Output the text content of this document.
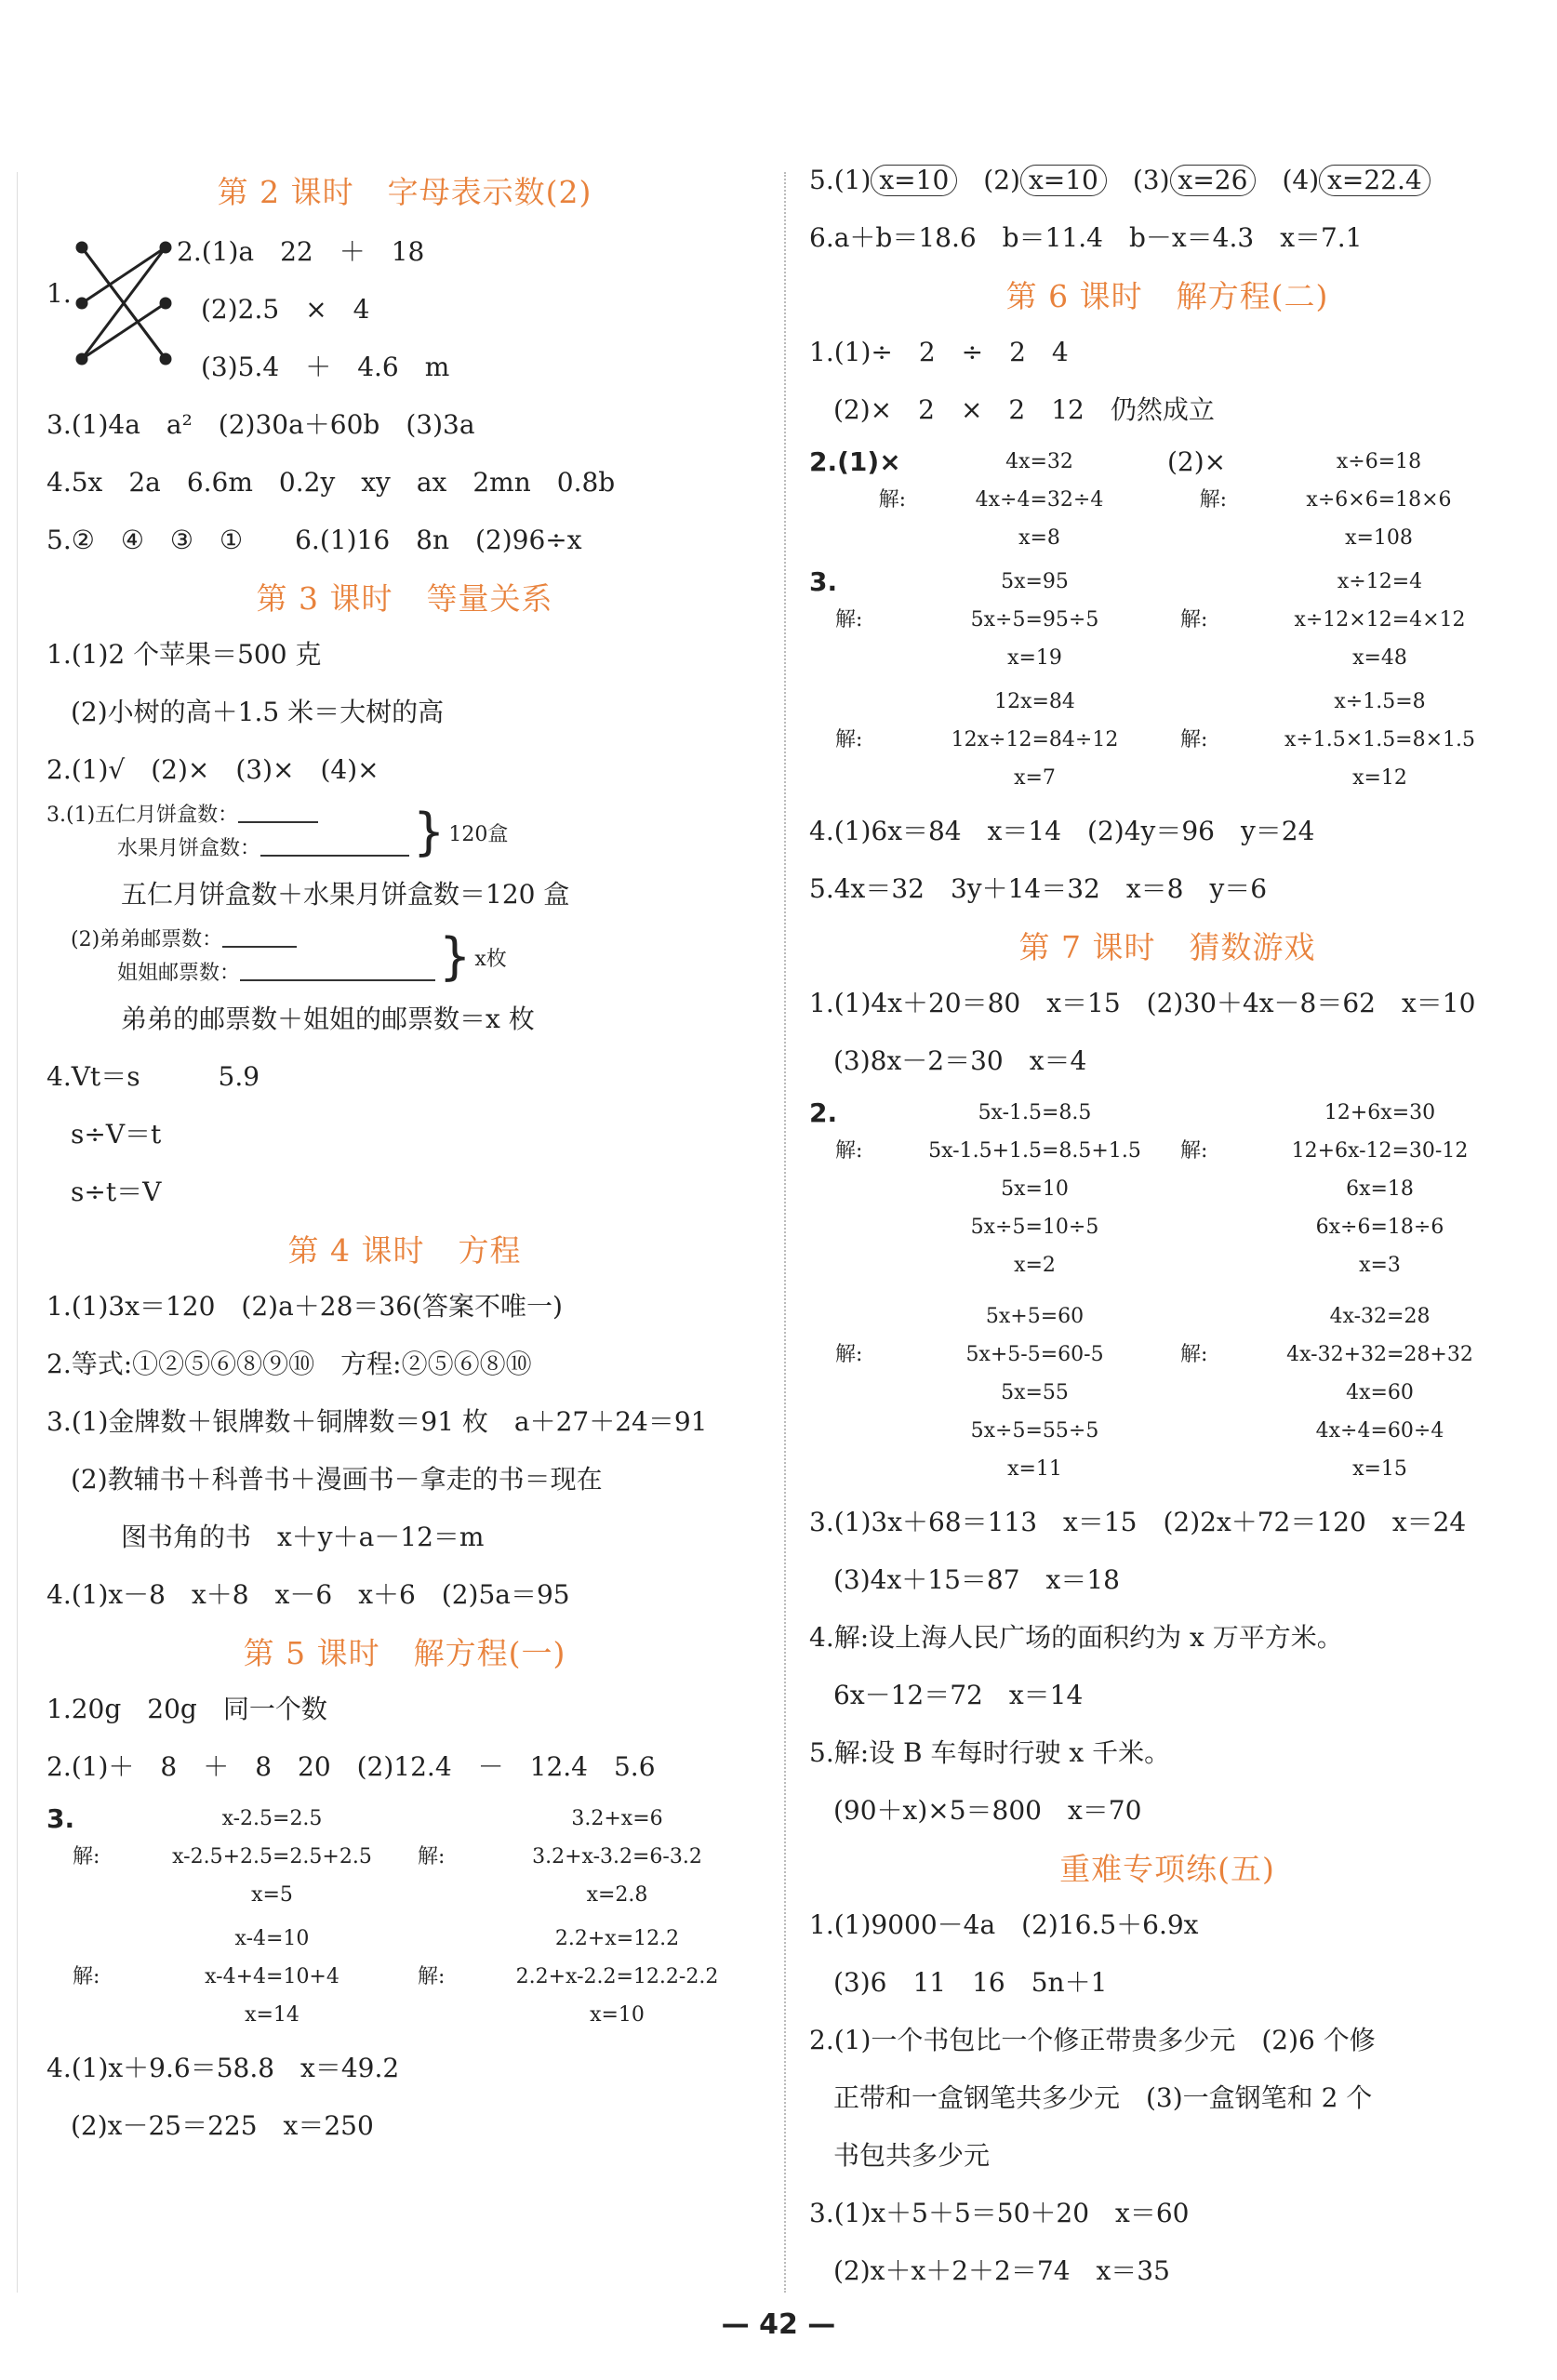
第 2 课时 字母表示数(2)
1.
2.(1)a　22　＋　18
(2)2.5　×　4
(3)5.4　＋　4.6　m
3.(1)4a　a²　(2)30a＋60b　(3)3a
4.5x　2a　6.6m　0.2y　xy　ax　2mn　0.8b
5.②　④　③　①　　6.(1)16　8n　(2)96÷x
第 3 课时 等量关系
1.(1)2 个苹果＝500 克
(2)小树的高＋1.5 米＝大树的高
2.(1)√　(2)×　(3)×　(4)×
3.(1)五仁月饼盒数：
水果月饼盒数：	} 120盒
五仁月饼盒数＋水果月饼盒数＝120 盒
(2)弟弟邮票数：
姐姐邮票数：	} x枚
弟弟的邮票数＋姐姐的邮票数＝x 枚
4.Vt＝s　　　5.9
s÷V＝t
s÷t＝V
第 4 课时 方程
1.(1)3x＝120　(2)a＋28＝36(答案不唯一)
2.等式:①②⑤⑥⑧⑨⑩　方程:②⑤⑥⑧⑩
3.(1)金牌数＋银牌数＋铜牌数＝91 枚　a＋27＋24＝91
(2)教辅书＋科普书＋漫画书－拿走的书＝现在
图书角的书　x＋y＋a－12＝m
4.(1)x－8　x＋8　x－6　x＋6　(2)5a＝95
第 5 课时 解方程(一)
1.20g　20g　同一个数
2.(1)＋　8　＋　8　20　(2)12.4　－　12.4　5.6
3.
解:
x-2.5=2.5
x-2.5+2.5=2.5+2.5
x=5
解:
3.2+x=6
3.2+x-3.2=6-3.2
x=2.8
解:
x-4=10
x-4+4=10+4
x=14
解:
2.2+x=12.2
2.2+x-2.2=12.2-2.2
x=10
4.(1)x＋9.6＝58.8　x＝49.2
(2)x－25＝225　x＝250
5.(1) x=10　 (2) x=10　 (3) x=26　 (4) x=22.4
6.a＋b＝18.6　b＝11.4　b－x＝4.3　x＝7.1
第 6 课时 解方程(二)
1.(1)÷　2　÷　2　4
(2)×　2　×　2　12　仍然成立
2.(1)×
解:
4x=32
4x÷4=32÷4
x=8
(2)×
解:
x÷6=18
x÷6×6=18×6
x=108
3.
解:
5x=95
5x÷5=95÷5
x=19
解:
x÷12=4
x÷12×12=4×12
x=48
解:
12x=84
12x÷12=84÷12
x=7
解:
x÷1.5=8
x÷1.5×1.5=8×1.5
x=12
4.(1)6x＝84　x＝14　(2)4y＝96　y＝24
5.4x＝32　3y＋14＝32　x＝8　y＝6
第 7 课时 猜数游戏
1.(1)4x＋20＝80　x＝15　(2)30＋4x－8＝62　x＝10
(3)8x－2＝30　x＝4
2.
解:
5x-1.5=8.5
5x-1.5+1.5=8.5+1.5
5x=10
5x÷5=10÷5
x=2
解:
12+6x=30
12+6x-12=30-12
6x=18
6x÷6=18÷6
x=3
解:
5x+5=60
5x+5-5=60-5
5x=55
5x÷5=55÷5
x=11
解:
4x-32=28
4x-32+32=28+32
4x=60
4x÷4=60÷4
x=15
3.(1)3x＋68＝113　x＝15　(2)2x＋72＝120　x＝24
(3)4x＋15＝87　x＝18
4.解:设上海人民广场的面积约为 x 万平方米。
6x－12＝72　x＝14
5.解:设 B 车每时行驶 x 千米。
(90＋x)×5＝800　x＝70
重难专项练(五)
1.(1)9000－4a　(2)16.5＋6.9x
(3)6　11　16　5n＋1
2.(1)一个书包比一个修正带贵多少元　(2)6 个修
正带和一盒钢笔共多少元　(3)一盒钢笔和 2 个
书包共多少元
3.(1)x＋5＋5＝50＋20　x＝60
(2)x＋x＋2＋2＝74　x＝35
— 42 —
